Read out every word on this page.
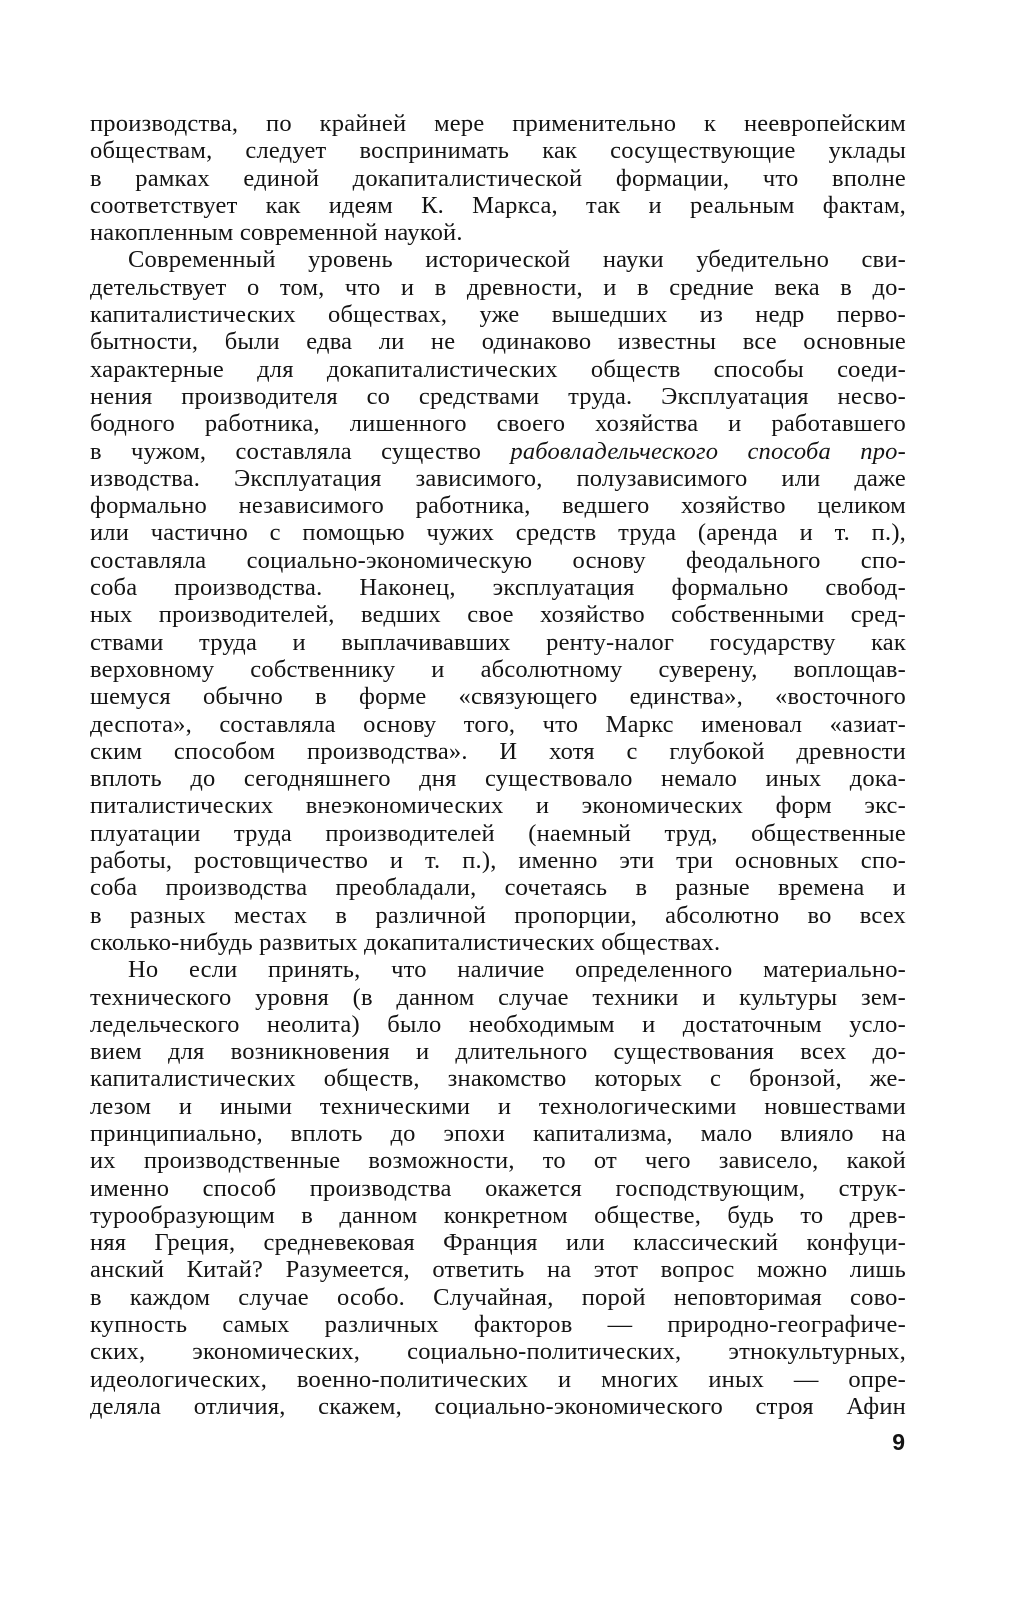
производства, по крайней мере применительно к неевропейским
обществам, следует воспринимать как сосуществующие уклады
в рамках единой докапиталистической формации, что вполне
соответствует как идеям К. Маркса, так и реальным фактам,
накопленным современной наукой.
Современный уровень исторической науки убедительно сви-
детельствует о том, что и в древности, и в средние века в до-
капиталистических обществах, уже вышедших из недр перво-
бытности, были едва ли не одинаково известны все основные
характерные для докапиталистических обществ способы соеди-
нения производителя со средствами труда. Эксплуатация несво-
бодного работника, лишенного своего хозяйства и работавшего
в чужом, составляла существо рабовладельческого способа про-
изводства. Эксплуатация зависимого, полузависимого или даже
формально независимого работника, ведшего хозяйство целиком
или частично с помощью чужих средств труда (аренда и т. п.),
составляла социально-экономическую основу феодального спо-
соба производства. Наконец, эксплуатация формально свобод-
ных производителей, ведших свое хозяйство собственными сред-
ствами труда и выплачивавших ренту-налог государству как
верховному собственнику и абсолютному суверену, воплощав-
шемуся обычно в форме «связующего единства», «восточного
деспота», составляла основу того, что Маркс именовал «азиат-
ским способом производства». И хотя с глубокой древности
вплоть до сегодняшнего дня существовало немало иных дока-
питалистических внеэкономических и экономических форм экс-
плуатации труда производителей (наемный труд, общественные
работы, ростовщичество и т. п.), именно эти три основных спо-
соба производства преобладали, сочетаясь в разные времена и
в разных местах в различной пропорции, абсолютно во всех
сколько-нибудь развитых докапиталистических обществах.
Но если принять, что наличие определенного материально-
технического уровня (в данном случае техники и культуры зем-
ледельческого неолита) было необходимым и достаточным усло-
вием для возникновения и длительного существования всех до-
капиталистических обществ, знакомство которых с бронзой, же-
лезом и иными техническими и технологическими новшествами
принципиально, вплоть до эпохи капитализма, мало влияло на
их производственные возможности, то от чего зависело, какой
именно способ производства окажется господствующим, струк-
турообразующим в данном конкретном обществе, будь то древ-
няя Греция, средневековая Франция или классический конфуци-
анский Китай? Разумеется, ответить на этот вопрос можно лишь
в каждом случае особо. Случайная, порой неповторимая сово-
купность самых различных факторов — природно-географиче-
ских, экономических, социально-политических, этнокультурных,
идеологических, военно-политических и многих иных — опре-
деляла отличия, скажем, социально-экономического строя Афин
9
